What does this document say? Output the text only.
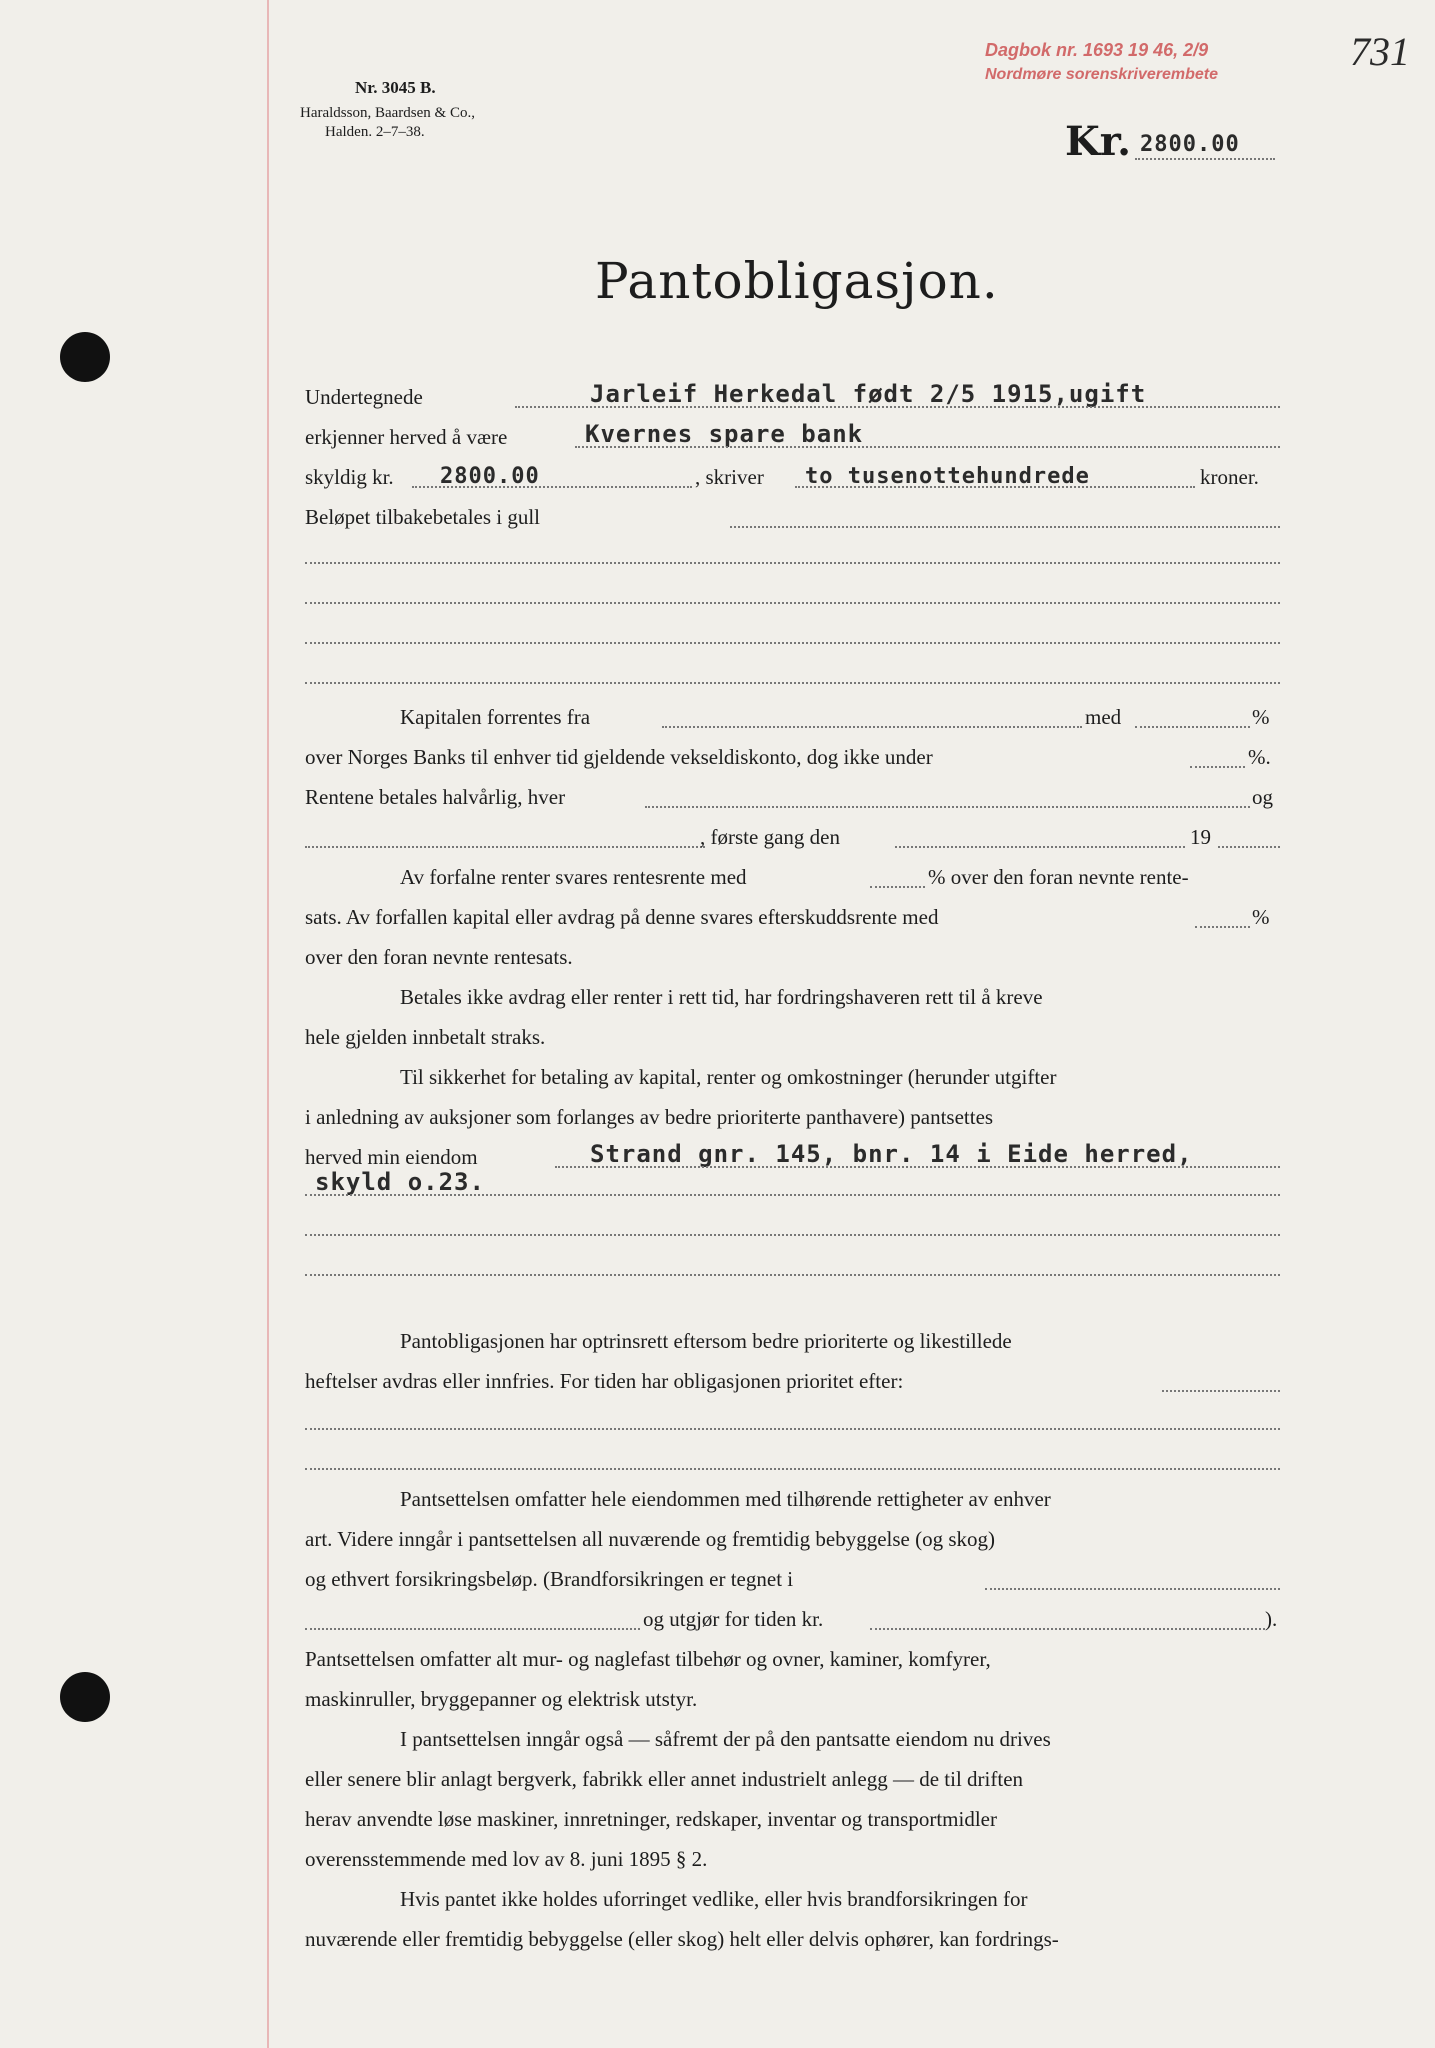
Nr. 3045 B.
Haraldsson, Baardsen & Co.,
Halden. 2–7–38.
Dagbok nr. 1693 19 46, 2/9
Nordmøre sorenskriverembete
731
Kr. 2800.00
Pantobligasjon.
Undertegnede	Jarleif Herkedal født 2/5 1915,ugift
erkjenner herved å være	Kvernes spare bank
skyldig kr. 2800.00	, skriver to tusenottehundrede	kroner.
Beløpet tilbakebetales i gull
Kapitalen forrentes fra	med	%
over Norges Banks til enhver tid gjeldende vekseldiskonto, dog ikke under	%.
Rentene betales halvårlig, hver	og
, første gang den	19
Av forfalne renter svares rentesrente med	% over den foran nevnte rente-
sats. Av forfallen kapital eller avdrag på denne svares efterskuddsrente med	%
over den foran nevnte rentesats.
Betales ikke avdrag eller renter i rett tid, har fordringshaveren rett til å kreve
hele gjelden innbetalt straks.
Til sikkerhet for betaling av kapital, renter og omkostninger (herunder utgifter
i anledning av auksjoner som forlanges av bedre prioriterte panthavere) pantsettes
herved min eiendom	Strand gnr. 145, bnr. 14 i Eide herred,
skyld o.23.
Pantobligasjonen har optrinsrett eftersom bedre prioriterte og likestillede
heftelser avdras eller innfries. For tiden har obligasjonen prioritet efter:
Pantsettelsen omfatter hele eiendommen med tilhørende rettigheter av enhver
art. Videre inngår i pantsettelsen all nuværende og fremtidig bebyggelse (og skog)
og ethvert forsikringsbeløp. (Brandforsikringen er tegnet i
og utgjør for tiden kr.	).
Pantsettelsen omfatter alt mur- og naglefast tilbehør og ovner, kaminer, komfyrer,
maskinruller, bryggepanner og elektrisk utstyr.
I pantsettelsen inngår også — såfremt der på den pantsatte eiendom nu drives
eller senere blir anlagt bergverk, fabrikk eller annet industrielt anlegg — de til driften
herav anvendte løse maskiner, innretninger, redskaper, inventar og transportmidler
overensstemmende med lov av 8. juni 1895 § 2.
Hvis pantet ikke holdes uforringet vedlike, eller hvis brandforsikringen for
nuværende eller fremtidig bebyggelse (eller skog) helt eller delvis ophører, kan fordrings-
